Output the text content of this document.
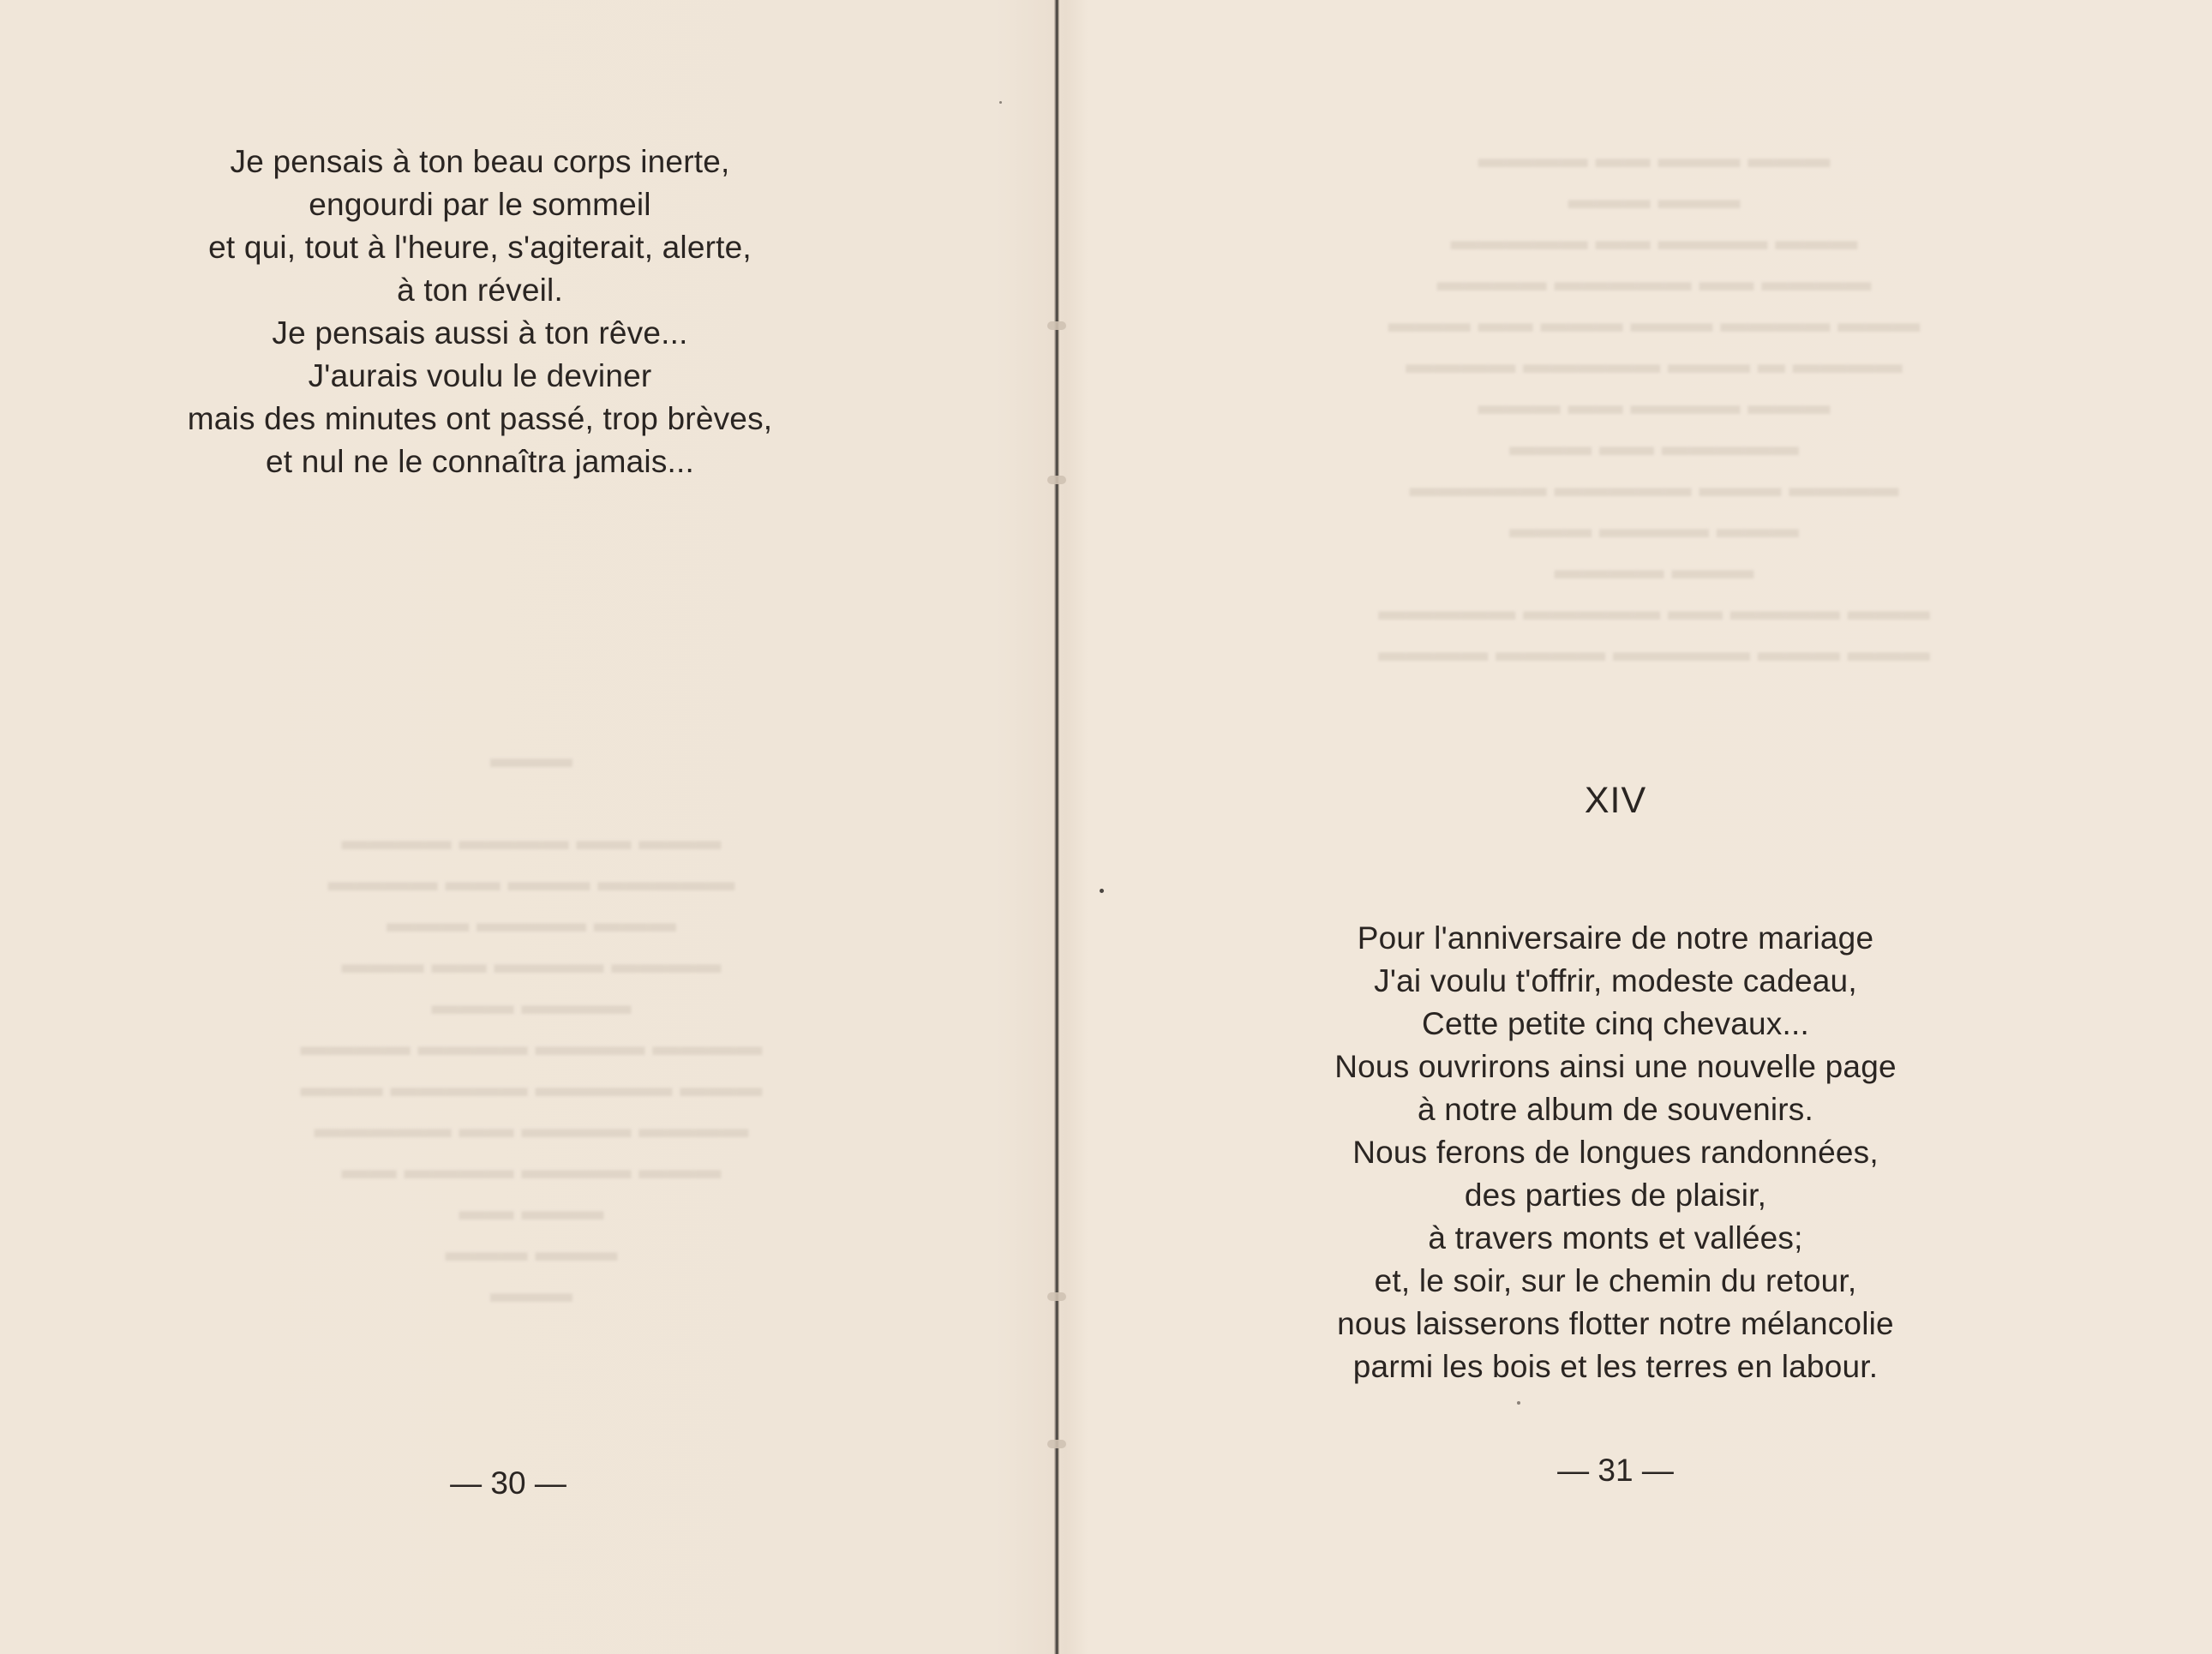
▬▬▬ ▬▬▬ ▬▬ ▬▬▬▬
▬▬▬ ▬▬▬
▬▬▬ ▬▬▬▬ ▬▬ ▬▬▬▬▬
▬▬▬▬ ▬▬ ▬▬▬▬▬ ▬▬▬▬
▬▬▬ ▬▬▬▬ ▬▬▬ ▬▬▬ ▬▬ ▬▬▬
▬▬▬▬ ▬ ▬▬▬ ▬▬▬▬▬ ▬▬▬▬
▬▬▬ ▬▬▬▬ ▬▬ ▬▬▬
▬▬▬▬▬ ▬▬ ▬▬▬
▬▬▬▬ ▬▬▬ ▬▬▬▬▬ ▬▬▬▬▬
▬▬▬ ▬▬▬▬ ▬▬▬
▬▬▬ ▬▬▬▬
▬▬▬ ▬▬▬▬ ▬▬ ▬▬▬▬▬ ▬▬▬▬▬
▬▬▬ ▬▬▬ ▬▬▬▬▬ ▬▬▬▬ ▬▬▬▬
▬▬▬

▬▬▬ ▬▬ ▬▬▬▬ ▬▬▬▬
▬▬▬▬▬ ▬▬▬ ▬▬ ▬▬▬▬
▬▬▬ ▬▬▬▬ ▬▬▬
▬▬▬▬ ▬▬▬▬ ▬▬ ▬▬▬
▬▬▬▬ ▬▬▬
▬▬▬▬ ▬▬▬▬ ▬▬▬▬ ▬▬▬▬
▬▬▬ ▬▬▬▬▬ ▬▬▬▬▬ ▬▬▬
▬▬▬▬ ▬▬▬▬ ▬▬ ▬▬▬▬▬
▬▬▬ ▬▬▬▬ ▬▬▬▬ ▬▬
▬▬▬ ▬▬
▬▬▬ ▬▬▬
▬▬▬
Je pensais à ton beau corps inerte,
engourdi par le sommeil
et qui, tout à l'heure, s'agiterait, alerte,
à ton réveil.
Je pensais aussi à ton rêve...
J'aurais voulu le deviner
mais des minutes ont passé, trop brèves,
et nul ne le connaîtra jamais...
— 30 —
XIV
Pour l'anniversaire de notre mariage
J'ai voulu t'offrir, modeste cadeau,
Cette petite cinq chevaux...
Nous ouvrirons ainsi une nouvelle page
à notre album de souvenirs.
Nous ferons de longues randonnées,
des parties de plaisir,
à travers monts et vallées;
et, le soir, sur le chemin du retour,
nous laisserons flotter notre mélancolie
parmi les bois et les terres en labour.
— 31 —
